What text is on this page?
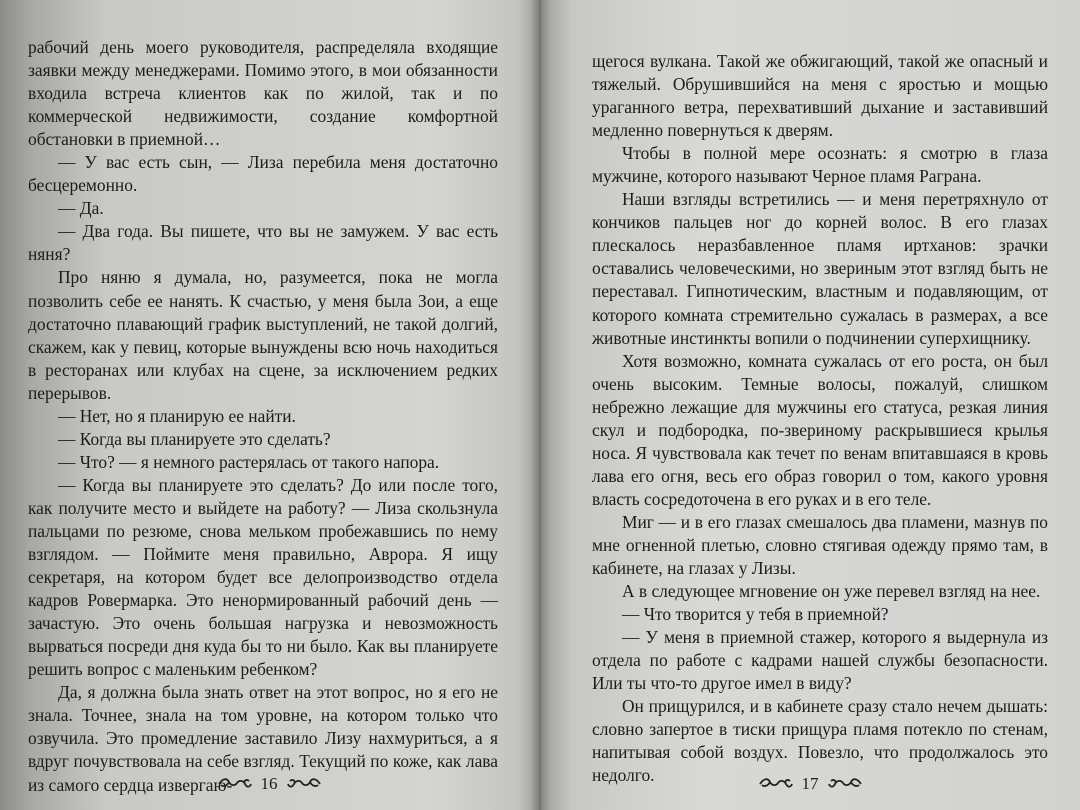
рабочий день моего руководителя, распределяла входящие заявки между менеджерами. Помимо этого, в мои обязанности входила встреча клиентов как по жилой, так и по коммерческой недвижимости, создание комфортной обстановки в приемной…

— У вас есть сын, — Лиза перебила меня достаточно бесцеремонно.

— Да.

— Два года. Вы пишете, что вы не замужем. У вас есть няня?

Про няню я думала, но, разумеется, пока не могла позволить себе ее нанять. К счастью, у меня была Зои, а еще достаточно плавающий график выступлений, не такой долгий, скажем, как у певиц, которые вынуждены всю ночь находиться в ресторанах или клубах на сцене, за исключением редких перерывов.

— Нет, но я планирую ее найти.

— Когда вы планируете это сделать?

— Что? — я немного растерялась от такого напора.

— Когда вы планируете это сделать? До или после того, как получите место и выйдете на работу? — Лиза скользнула пальцами по резюме, снова мельком пробежавшись по нему взглядом. — Поймите меня правильно, Аврора. Я ищу секретаря, на котором будет все делопроизводство отдела кадров Ровермарка. Это ненормированный рабочий день — зачастую. Это очень большая нагрузка и невозможность вырваться посреди дня куда бы то ни было. Как вы планируете решить вопрос с маленьким ребенком?

Да, я должна была знать ответ на этот вопрос, но я его не знала. Точнее, знала на том уровне, на котором только что озвучила. Это промедление заставило Лизу нахмуриться, а я вдруг почувствовала на себе взгляд. Текущий по коже, как лава из самого сердца извергаю-	16

щегося вулкана. Такой же обжигающий, такой же опасный и тяжелый. Обрушившийся на меня с яростью и мощью ураганного ветра, перехвативший дыхание и заставивший медленно повернуться к дверям.

Чтобы в полной мере осознать: я смотрю в глаза мужчине, которого называют Черное пламя Раграна.

Наши взгляды встретились — и меня перетряхнуло от кончиков пальцев ног до корней волос. В его глазах плескалось неразбавленное пламя иртханов: зрачки оставались человеческими, но звериным этот взгляд быть не переставал. Гипнотическим, властным и подавляющим, от которого комната стремительно сужалась в размерах, а все животные инстинкты вопили о подчинении суперхищнику.

Хотя возможно, комната сужалась от его роста, он был очень высоким. Темные волосы, пожалуй, слишком небрежно лежащие для мужчины его статуса, резкая линия скул и подбородка, по-звериному раскрывшиеся крылья носа. Я чувствовала как течет по венам впитавшаяся в кровь лава его огня, весь его образ говорил о том, какого уровня власть сосредоточена в его руках и в его теле.

Миг — и в его глазах смешалось два пламени, мазнув по мне огненной плетью, словно стягивая одежду прямо там, в кабинете, на глазах у Лизы.

А в следующее мгновение он уже перевел взгляд на нее.

— Что творится у тебя в приемной?

— У меня в приемной стажер, которого я выдернула из отдела по работе с кадрами нашей службы безопасности. Или ты что-то другое имел в виду?

Он прищурился, и в кабинете сразу стало нечем дышать: словно запертое в тиски прищура пламя потекло по стенам, напитывая собой воздух. Повезло, что продолжалось это недолго.	17
